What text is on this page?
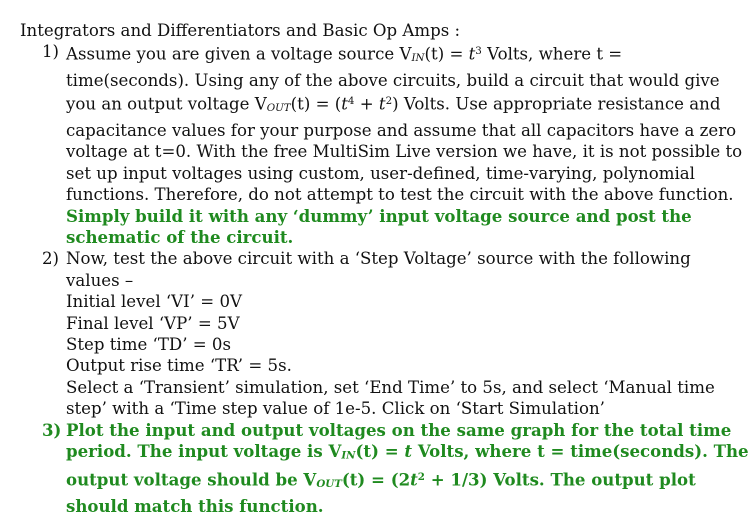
Integrators and Differentiators and Basic Op Amps :
1) Assume you are given a voltage source $VIN(t) = t^3$ Volts, where t =
time(seconds). Using any of the above circuits, build a circuit that would give
you an output voltage VOUT(t) = $(t^4 + t^2)$ Volts. Use appropriate resistance and
capacitance values for your purpose and assume that all capacitors have a zero
voltage at t=0. With the free MultiSim Live version we have, it is not possible to
set up input voltages using custom, user-defined, time-varying, polynomial
functions. Therefore, do not attempt to test the circuit with the above function.
Simply build it with any ‘dummy’ input voltage source and post the
schematic of the circuit.

2) Now, test the above circuit with a ‘Step Voltage’ source with the following
values –
Initial level ‘VI’ = 0V
Final level ‘VP’ = 5V
Step time ‘TD’ = 0s
Output rise time ‘TR’ = 5s.
Select a ‘Transient’ simulation, set ‘End Time’ to 5s, and select ‘Manual time
step’ with a ‘Time step value of 1e-5. Click on ‘Start Simulation’

3) Plot the input and output voltages on the same graph for the total time
period. The input voltage is VIN(t) = t Volts, where t = time(seconds). The
output voltage should be VOUT(t) = $(2t^2 + 1/3)$ Volts. The output plot
should match this function.
